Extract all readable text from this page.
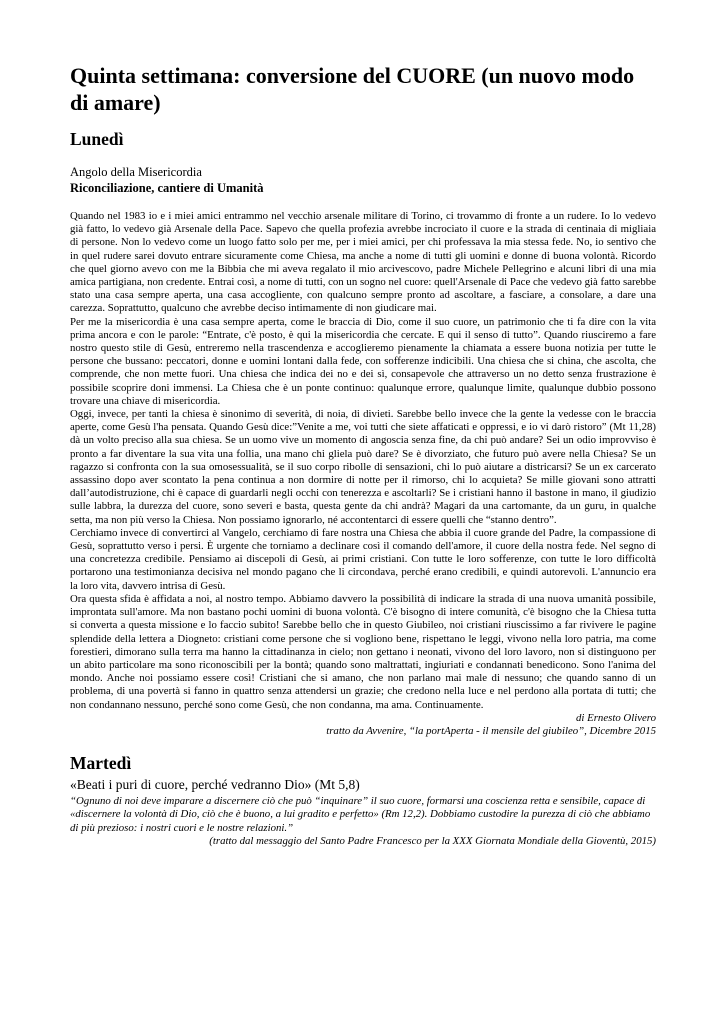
Quinta settimana: conversione del CUORE (un nuovo modo di amare)
Lunedì

Angolo della Misericordia

Riconciliazione, cantiere di Umanità

Quando nel 1983 io e i miei amici entrammo nel vecchio arsenale militare di Torino, ci trovammo di fronte a un rudere. Io lo vedevo già fatto, lo vedevo già Arsenale della Pace. Sapevo che quella profezia avrebbe incrociato il cuore e la strada di centinaia di migliaia di persone. Non lo vedevo come un luogo fatto solo per me, per i miei amici, per chi professava la mia stessa fede. No, io sentivo che in quel rudere sarei dovuto entrare sicuramente come Chiesa, ma anche a nome di tutti gli uomini e donne di buona volontà. Ricordo che quel giorno avevo con me la Bibbia che mi aveva regalato il mio arcivescovo, padre Michele Pellegrino e alcuni libri di una mia amica partigiana, non credente. Entrai così, a nome di tutti, con un sogno nel cuore: quell'Arsenale di Pace che vedevo già fatto sarebbe stato una casa sempre aperta, una casa accogliente, con qualcuno sempre pronto ad ascoltare, a fasciare, a consolare, a dare una carezza. Soprattutto, qualcuno che avrebbe deciso intimamente di non giudicare mai.

Per me la misericordia è una casa sempre aperta, come le braccia di Dio, come il suo cuore, un patrimonio che ti fa dire con la vita prima ancora e con le parole: “Entrate, c'è posto, è qui la misericordia che cercate. E qui il senso di tutto”. Quando riusciremo a fare nostro questo stile di Gesù, entreremo nella trascendenza e accoglieremo pienamente la chiamata a essere buona notizia per tutte le persone che bussano: peccatori, donne e uomini lontani dalla fede, con sofferenze indicibili. Una chiesa che si china, che ascolta, che comprende, che non mette fuori. Una chiesa che indica dei no e dei sì, consapevole che attraverso un no detto senza frustrazione è possibile scoprire doni immensi. La Chiesa che è un ponte continuo: qualunque errore, qualunque limite, qualunque dubbio possono trovare una chiave di misericordia.

Oggi, invece, per tanti la chiesa è sinonimo di severità, di noia, di divieti. Sarebbe bello invece che la gente la vedesse con le braccia aperte, come Gesù l'ha pensata. Quando Gesù dice:”Venite a me, voi tutti che siete affaticati e oppressi, e io vi darò ristoro” (Mt 11,28) dà un volto preciso alla sua chiesa. Se un uomo vive un momento di angoscia senza fine, da chi può andare? Sei un odio improvviso è pronto a far diventare la sua vita una follia, una mano chi gliela può dare? Se è divorziato, che futuro può avere nella Chiesa? Se un ragazzo si confronta con la sua omosessualità, se il suo corpo ribolle di sensazioni, chi lo può aiutare a districarsi? Se un ex carcerato assassino dopo aver scontato la pena continua a non dormire di notte per il rimorso, chi lo acquieta? Se mille giovani sono attratti dall’autodistruzione, chi è capace di guardarli negli occhi con tenerezza e ascoltarli? Se i cristiani hanno il bastone in mano, il giudizio sulle labbra, la durezza del cuore, sono severi e basta, questa gente da chi andrà? Magari da una cartomante, da un guru, in qualche setta, ma non più verso la Chiesa. Non possiamo ignorarlo, né accontentarci di essere quelli che “stanno dentro”.

Cerchiamo invece di convertirci al Vangelo, cerchiamo di fare nostra una Chiesa che abbia il cuore grande del Padre, la compassione di Gesù, soprattutto verso i persi. È urgente che torniamo a declinare così il comando dell'amore, il cuore della nostra fede. Nel segno di una concretezza credibile. Pensiamo ai discepoli di Gesù, ai primi cristiani. Con tutte le loro sofferenze, con tutte le loro difficoltà portarono una testimonianza decisiva nel mondo pagano che li circondava, perché erano credibili, e quindi autorevoli. L'annuncio era la loro vita, davvero intrisa di Gesù.

Ora questa sfida è affidata a noi, al nostro tempo. Abbiamo davvero la possibilità di indicare la strada di una nuova umanità possibile, improntata sull'amore. Ma non bastano pochi uomini di buona volontà. C'è bisogno di intere comunità, c'è bisogno che la Chiesa tutta si converta a questa missione e lo faccio subito! Sarebbe bello che in questo Giubileo, noi cristiani riuscissimo a far rivivere le pagine splendide della lettera a Diogneto: cristiani come persone che si vogliono bene, rispettano le leggi, vivono nella loro patria, ma come forestieri, dimorano sulla terra ma hanno la cittadinanza in cielo; non gettano i neonati, vivono del loro lavoro, non si distinguono per un abito particolare ma sono riconoscibili per la bontà; quando sono maltrattati, ingiuriati e condannati benedicono. Sono l'anima del mondo. Anche noi possiamo essere così! Cristiani che si amano, che non parlano mai male di nessuno; che quando sanno di un problema, di una povertà si fanno in quattro senza attendersi un grazie; che credono nella luce e nel perdono alla portata di tutti; che non condannano nessuno, perché sono come Gesù, che non condanna, ma ama. Continuamente.

di Ernesto Olivero
tratto da Avvenire, “la portAperta - il mensile del giubileo”, Dicembre 2015
Martedì
«Beati i puri di cuore, perché vedranno Dio» (Mt 5,8)
“Ognuno di noi deve imparare a discernere ciò che può “inquinare” il suo cuore, formarsi una coscienza retta e sensibile, capace di «discernere la volontà di Dio, ciò che è buono, a lui gradito e perfetto» (Rm 12,2). Dobbiamo custodire la purezza di ciò che abbiamo di più prezioso: i nostri cuori e le nostre relazioni.”
(tratto dal messaggio del Santo Padre Francesco per la XXX Giornata Mondiale della Gioventù, 2015)
